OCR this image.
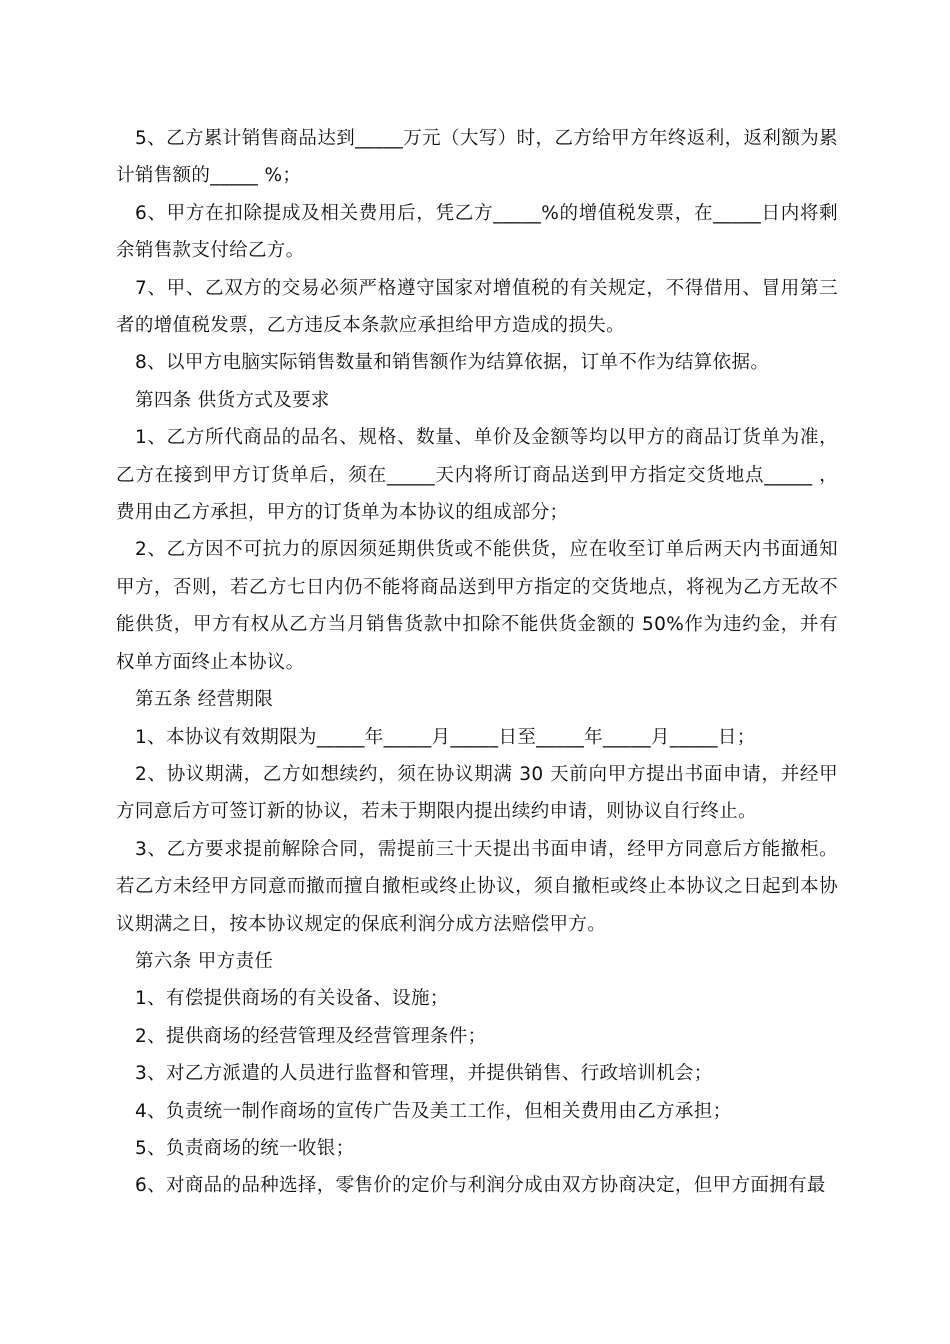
5、乙方累计销售商品达到_____万元（大写）时，乙方给甲方年终返利，返利额为累计销售额的_____ %；

6、甲方在扣除提成及相关费用后，凭乙方_____%的增值税发票，在_____日内将剩余销售款支付给乙方。

7、甲、乙双方的交易必须严格遵守国家对增值税的有关规定，不得借用、冒用第三者的增值税发票，乙方违反本条款应承担给甲方造成的损失。

8、以甲方电脑实际销售数量和销售额作为结算依据，订单不作为结算依据。

第四条 供货方式及要求

1、乙方所代商品的品名、规格、数量、单价及金额等均以甲方的商品订货单为准，乙方在接到甲方订货单后，须在_____天内将所订商品送到甲方指定交货地点_____ ，费用由乙方承担，甲方的订货单为本协议的组成部分；

2、乙方因不可抗力的原因须延期供货或不能供货，应在收至订单后两天内书面通知甲方，否则，若乙方七日内仍不能将商品送到甲方指定的交货地点，将视为乙方无故不能供货，甲方有权从乙方当月销售货款中扣除不能供货金额的 50%作为违约金，并有权单方面终止本协议。

第五条 经营期限

1、本协议有效期限为_____年_____月_____日至_____年_____月_____日；

2、协议期满，乙方如想续约，须在协议期满 30 天前向甲方提出书面申请，并经甲方同意后方可签订新的协议，若未于期限内提出续约申请，则协议自行终止。

3、乙方要求提前解除合同，需提前三十天提出书面申请，经甲方同意后方能撤柜。若乙方未经甲方同意而撤而擅自撤柜或终止协议，须自撤柜或终止本协议之日起到本协议期满之日，按本协议规定的保底利润分成方法赔偿甲方。

第六条 甲方责任

1、有偿提供商场的有关设备、设施；

2、提供商场的经营管理及经营管理条件；

3、对乙方派遣的人员进行监督和管理，并提供销售、行政培训机会；

4、负责统一制作商场的宣传广告及美工工作，但相关费用由乙方承担；

5、负责商场的统一收银；

6、对商品的品种选择，零售价的定价与利润分成由双方协商决定，但甲方面拥有最
